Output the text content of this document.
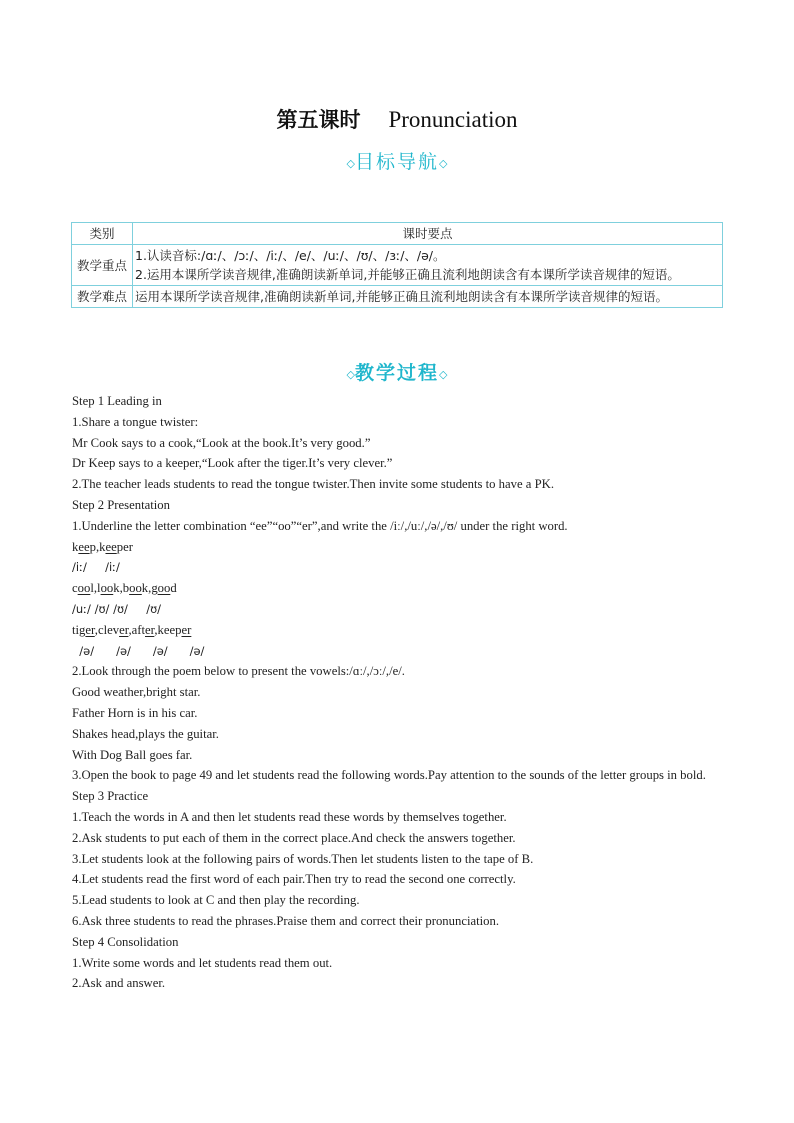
第五课时 Pronunciation
◇目标导航◇
类别	课时要点
教学重点	1.认读音标:/ɑː/、/ɔː/、/iː/、/e/、/uː/、/ʊ/、/ɜː/、/ə/。
2.运用本课所学读音规律,准确朗读新单词,并能够正确且流利地朗读含有本课所学读音规律的短语。

教学难点	运用本课所学读音规律,准确朗读新单词,并能够正确且流利地朗读含有本课所学读音规律的短语。
◇教学过程◇
Step 1 Leading in
1.Share a tongue twister:
Mr Cook says to a cook,“Look at the book.It’s very good.”
Dr Keep says to a keeper,“Look after the tiger.It’s very clever.”
2.The teacher leads students to read the tongue twister.Then invite some students to have a PK.
Step 2 Presentation
1.Underline the letter combination “ee”“oo”“er”,and write the /iː/,/uː/,/ə/,/ʊ/ under the right word.
keep,keeper
/iː/     /iː/
cool,look,book,good
/uː/ /ʊ/ /ʊ/     /ʊ/
tiger,clever,after,keeper
/ə/      /ə/      /ə/      /ə/
2.Look through the poem below to present the vowels:/ɑː/,/ɔː/,/e/.
Good weather,bright star.
Father Horn is in his car.
Shakes head,plays the guitar.
With Dog Ball goes far.
3.Open the book to page 49 and let students read the following words.Pay attention to the sounds of the letter groups in bold.
Step 3 Practice
1.Teach the words in A and then let students read these words by themselves together.
2.Ask students to put each of them in the correct place.And check the answers together.
3.Let students look at the following pairs of words.Then let students listen to the tape of B.
4.Let students read the first word of each pair.Then try to read the second one correctly.
5.Lead students to look at C and then play the recording.
6.Ask three students to read the phrases.Praise them and correct their pronunciation.
Step 4 Consolidation
1.Write some words and let students read them out.
2.Ask and answer.
